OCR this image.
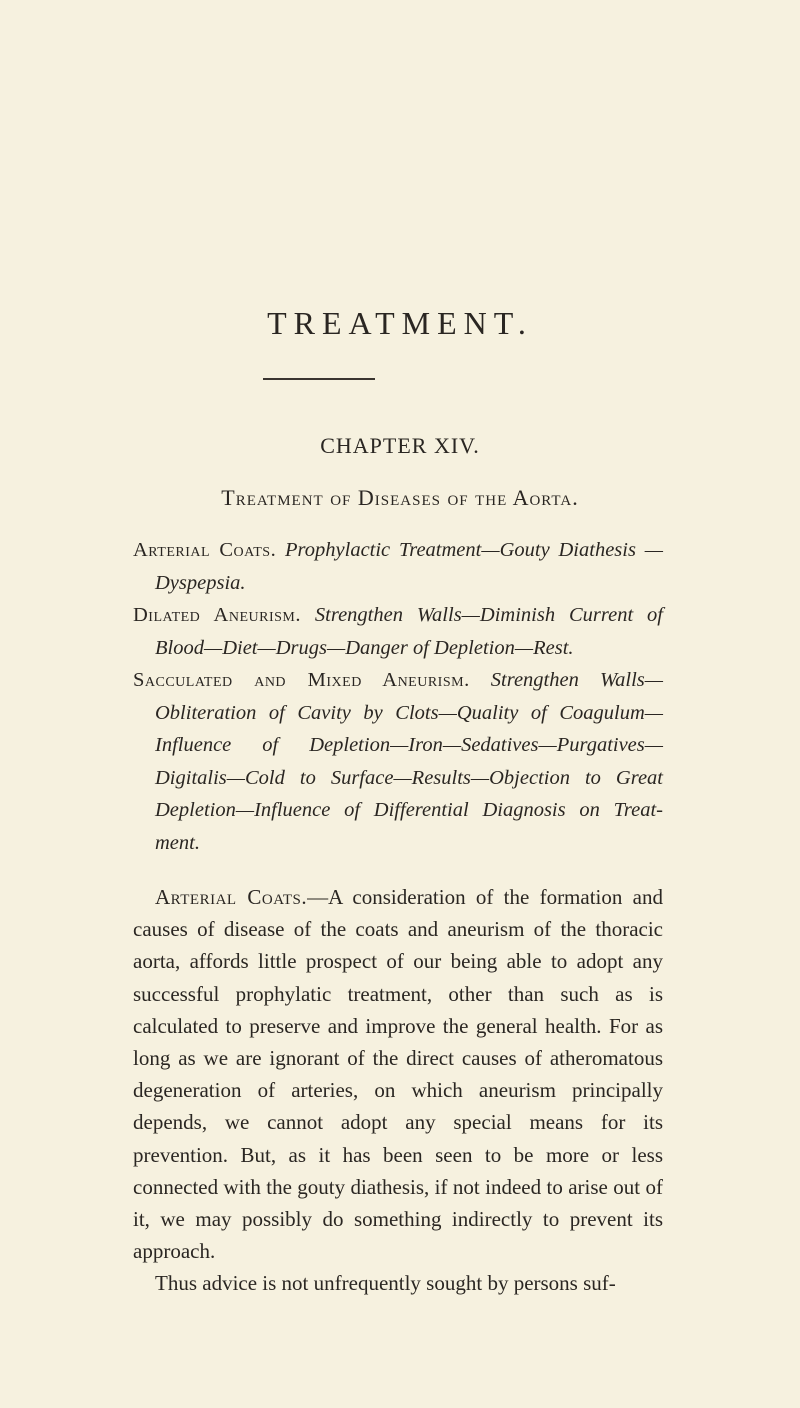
TREATMENT.
CHAPTER XIV.
Treatment of Diseases of the Aorta.

Arterial Coats. Prophylactic Treatment—Gouty Diathesis —Dyspepsia.

Dilated Aneurism. Strengthen Walls—Diminish Current of Blood—Diet—Drugs—Danger of Depletion—Rest.

Sacculated and Mixed Aneurism. Strengthen Walls— Obliteration of Cavity by Clots—Quality of Coagulum— Influence of Depletion—Iron—Sedatives—Purgatives— Digitalis—Cold to Surface—Results—Objection to Great Depletion—Influence of Differential Diagnosis on Treat- ment.

Arterial Coats.—A consideration of the formation and causes of disease of the coats and aneurism of the thoracic aorta, affords little prospect of our being able to adopt any successful prophylatic treatment, other than such as is calculated to preserve and improve the general health. For as long as we are ignorant of the direct causes of atheromatous degeneration of arteries, on which aneurism principally depends, we cannot adopt any special means for its prevention. But, as it has been seen to be more or less connected with the gouty diathesis, if not indeed to arise out of it, we may possibly do something indirectly to prevent its approach.

Thus advice is not unfrequently sought by persons suf-
